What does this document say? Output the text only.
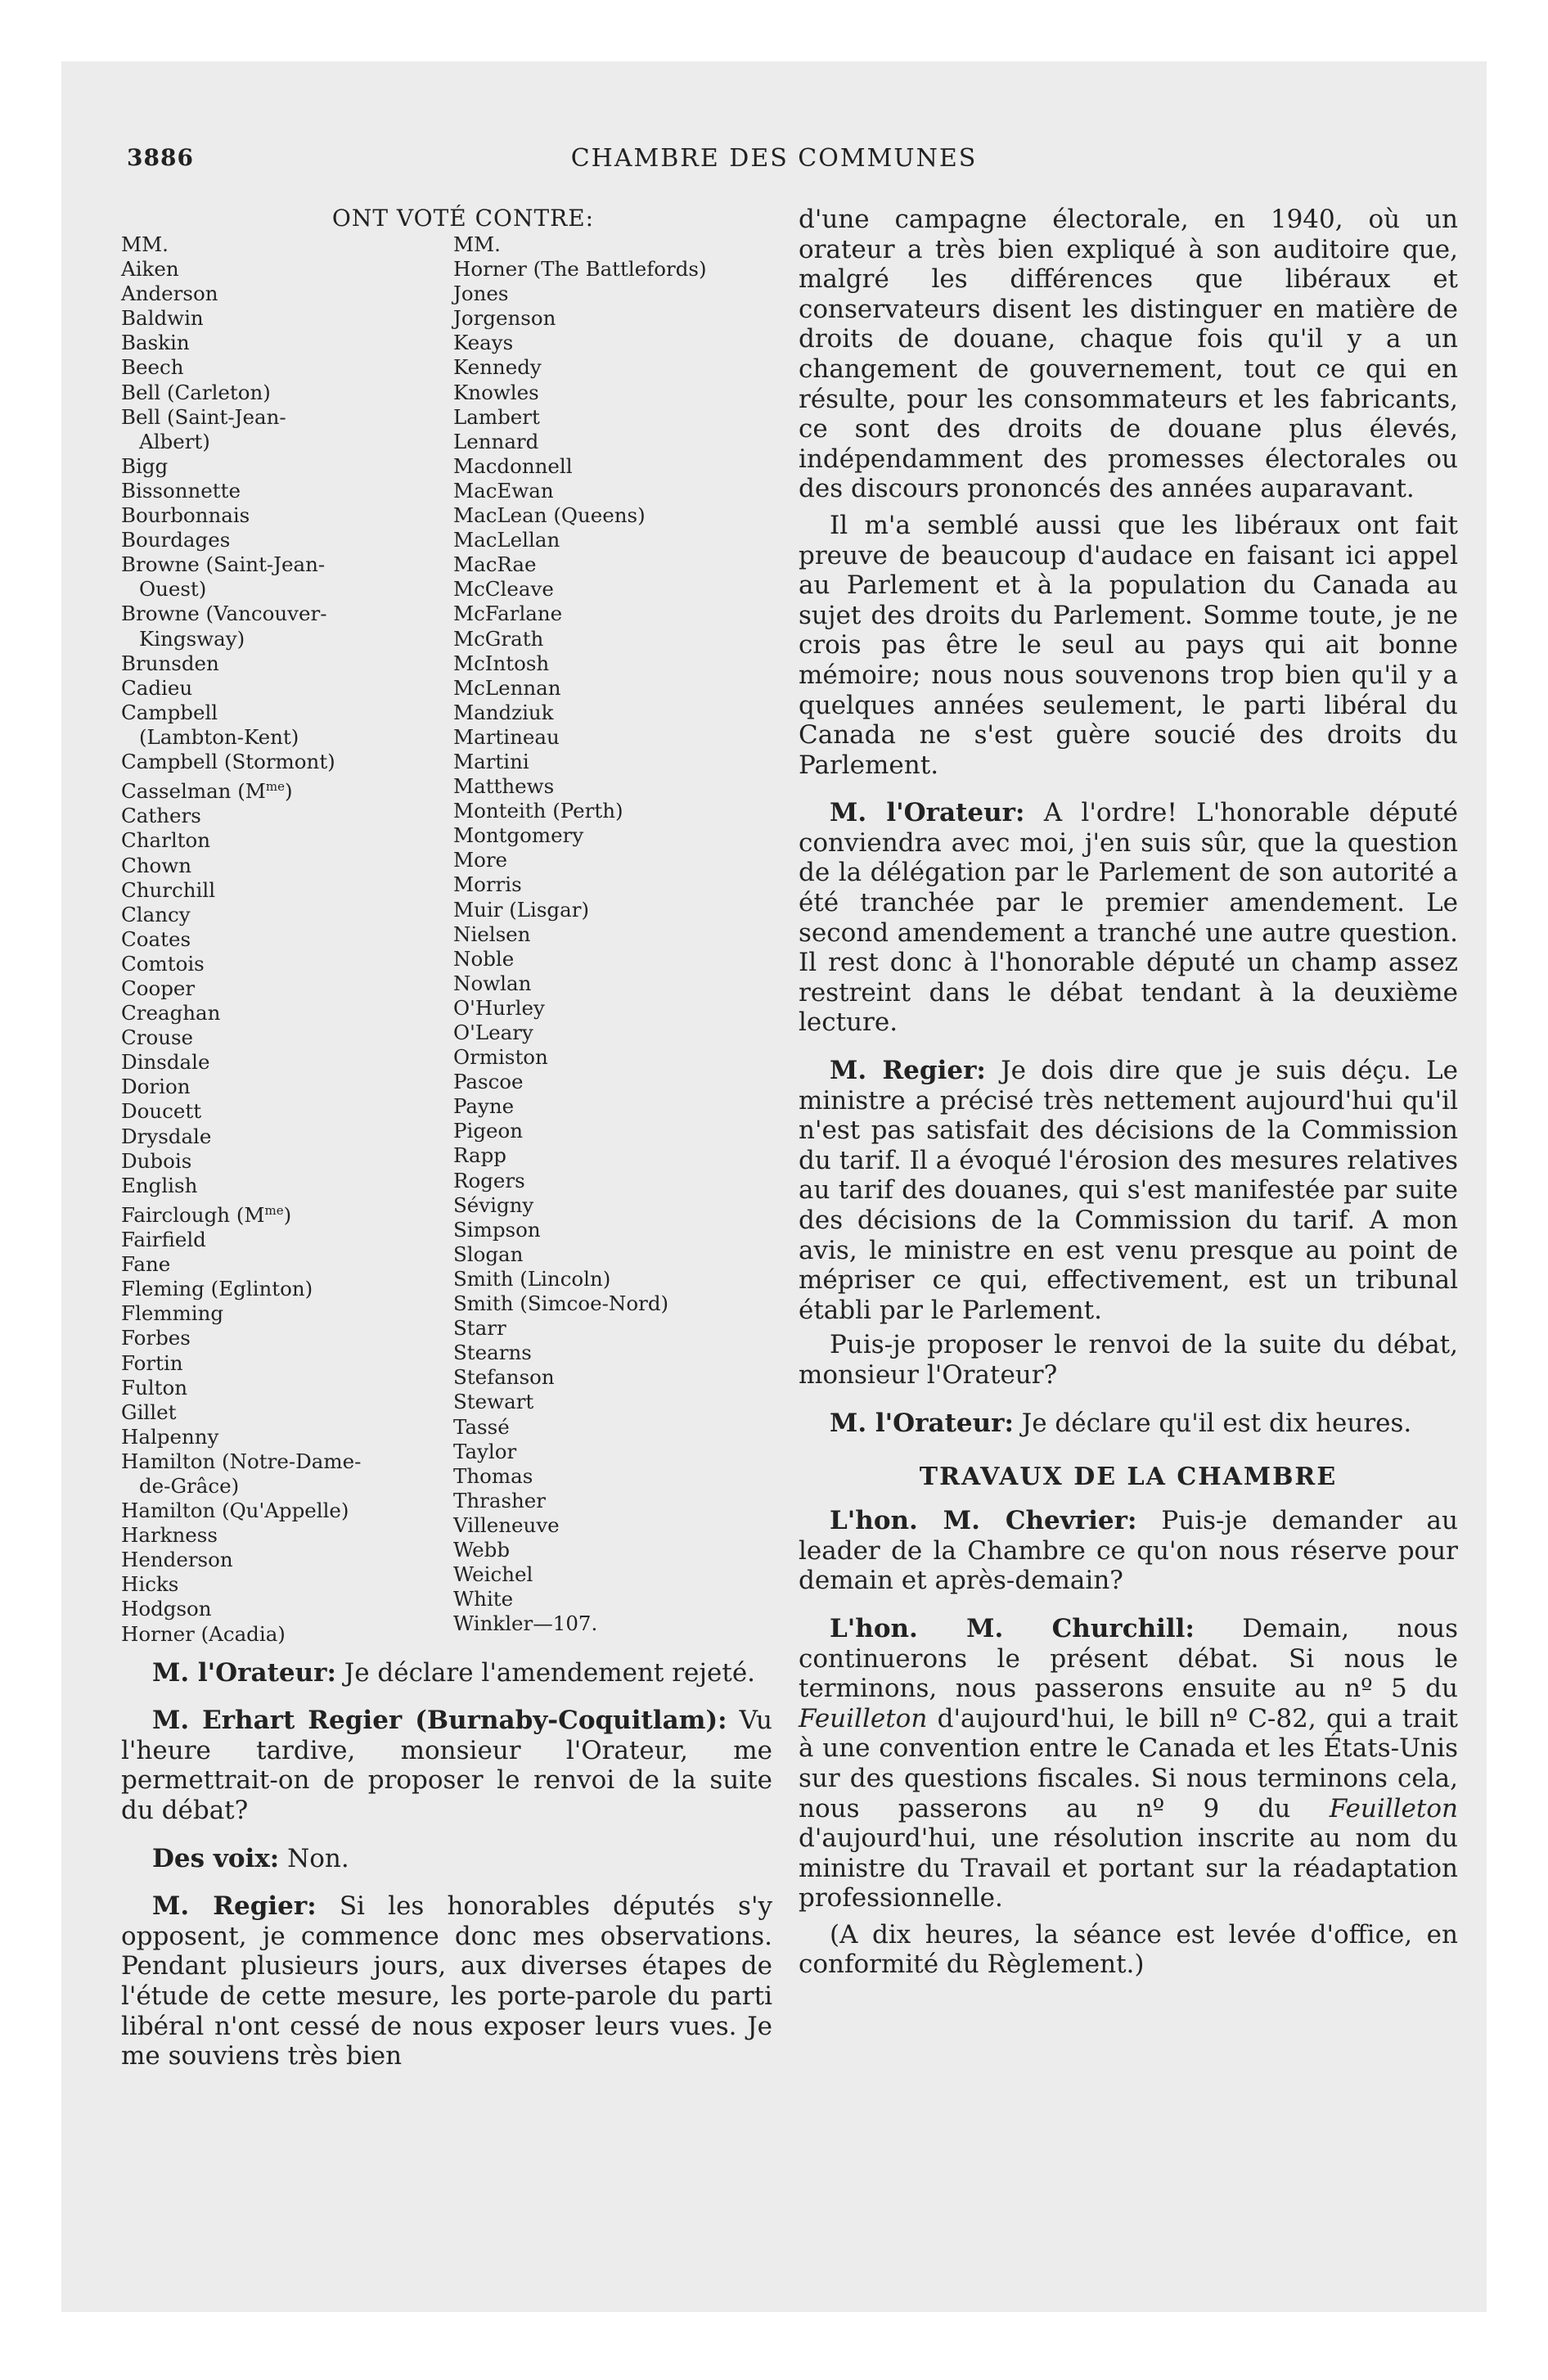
3886	CHAMBRE DES COMMUNES
ONT VOTÉ CONTRE:
MM.
Aiken
Anderson
Baldwin
Baskin
Beech
Bell (Carleton)
Bell (Saint-Jean-
Albert)
Bigg
Bissonnette
Bourbonnais
Bourdages
Browne (Saint-Jean-
Ouest)
Browne (Vancouver-
Kingsway)
Brunsden
Cadieu
Campbell
(Lambton-Kent)
Campbell (Stormont)
Casselman $(M^{me})$
Cathers
Charlton
Chown
Churchill
Clancy
Coates
Comtois
Cooper
Creaghan
Crouse
Dinsdale
Dorion
Doucett
Drysdale
Dubois
English
Fairclough $(M^{me})$
Fairfield
Fane
Fleming (Eglinton)
Flemming
Forbes
Fortin
Fulton
Gillet
Halpenny
Hamilton (Notre-Dame-
de-Grâce)
Hamilton (Qu'Appelle)
Harkness
Henderson
Hicks
Hodgson
Horner (Acadia)
MM.
Horner (The Battlefords)
Jones
Jorgenson
Keays
Kennedy
Knowles
Lambert
Lennard
Macdonnell
MacEwan
MacLean (Queens)
MacLellan
MacRae
McCleave
McFarlane
McGrath
McIntosh
McLennan
Mandziuk
Martineau
Martini
Matthews
Monteith (Perth)
Montgomery
More
Morris
Muir (Lisgar)
Nielsen
Noble
Nowlan
O'Hurley
O'Leary
Ormiston
Pascoe
Payne
Pigeon
Rapp
Rogers
Sévigny
Simpson
Slogan
Smith (Lincoln)
Smith (Simcoe-Nord)
Starr
Stearns
Stefanson
Stewart
Tassé
Taylor
Thomas
Thrasher
Villeneuve
Webb
Weichel
White
Winkler—107.

M. l'Orateur: Je déclare l'amendement rejeté.

M. Erhart Regier (Burnaby-Coquitlam): Vu l'heure tardive, monsieur l'Orateur, me permettrait-on de proposer le renvoi de la suite du débat?

Des voix: Non.

M. Regier: Si les honorables députés s'y opposent, je commence donc mes observations. Pendant plusieurs jours, aux diverses étapes de l'étude de cette mesure, les porte-parole du parti libéral n'ont cessé de nous exposer leurs vues. Je me souviens très bien

d'une campagne électorale, en 1940, où un orateur a très bien expliqué à son auditoire que, malgré les différences que libéraux et conservateurs disent les distinguer en matière de droits de douane, chaque fois qu'il y a un changement de gouvernement, tout ce qui en résulte, pour les consommateurs et les fabricants, ce sont des droits de douane plus élevés, indépendamment des promesses électorales ou des discours prononcés des années auparavant.

Il m'a semblé aussi que les libéraux ont fait preuve de beaucoup d'audace en faisant ici appel au Parlement et à la population du Canada au sujet des droits du Parlement. Somme toute, je ne crois pas être le seul au pays qui ait bonne mémoire; nous nous souvenons trop bien qu'il y a quelques années seulement, le parti libéral du Canada ne s'est guère soucié des droits du Parlement.

M. l'Orateur: A l'ordre! L'honorable député conviendra avec moi, j'en suis sûr, que la question de la délégation par le Parlement de son autorité a été tranchée par le premier amendement. Le second amendement a tranché une autre question. Il rest donc à l'honorable député un champ assez restreint dans le débat tendant à la deuxième lecture.

M. Regier: Je dois dire que je suis déçu. Le ministre a précisé très nettement aujourd'hui qu'il n'est pas satisfait des décisions de la Commission du tarif. Il a évoqué l'érosion des mesures relatives au tarif des douanes, qui s'est manifestée par suite des décisions de la Commission du tarif. A mon avis, le ministre en est venu presque au point de mépriser ce qui, effectivement, est un tribunal établi par le Parlement.

Puis-je proposer le renvoi de la suite du débat, monsieur l'Orateur?

M. l'Orateur: Je déclare qu'il est dix heures.

TRAVAUX DE LA CHAMBRE

L'hon. M. Chevrier: Puis-je demander au leader de la Chambre ce qu'on nous réserve pour demain et après-demain?

L'hon. M. Churchill: Demain, nous continuerons le présent débat. Si nous le terminons, nous passerons ensuite au nº 5 du Feuilleton d'aujourd'hui, le bill nº C-82, qui a trait à une convention entre le Canada et les États-Unis sur des questions fiscales. Si nous terminons cela, nous passerons au nº 9 du Feuilleton d'aujourd'hui, une résolution inscrite au nom du ministre du Travail et portant sur la réadaptation professionnelle.

(A dix heures, la séance est levée d'office, en conformité du Règlement.)
